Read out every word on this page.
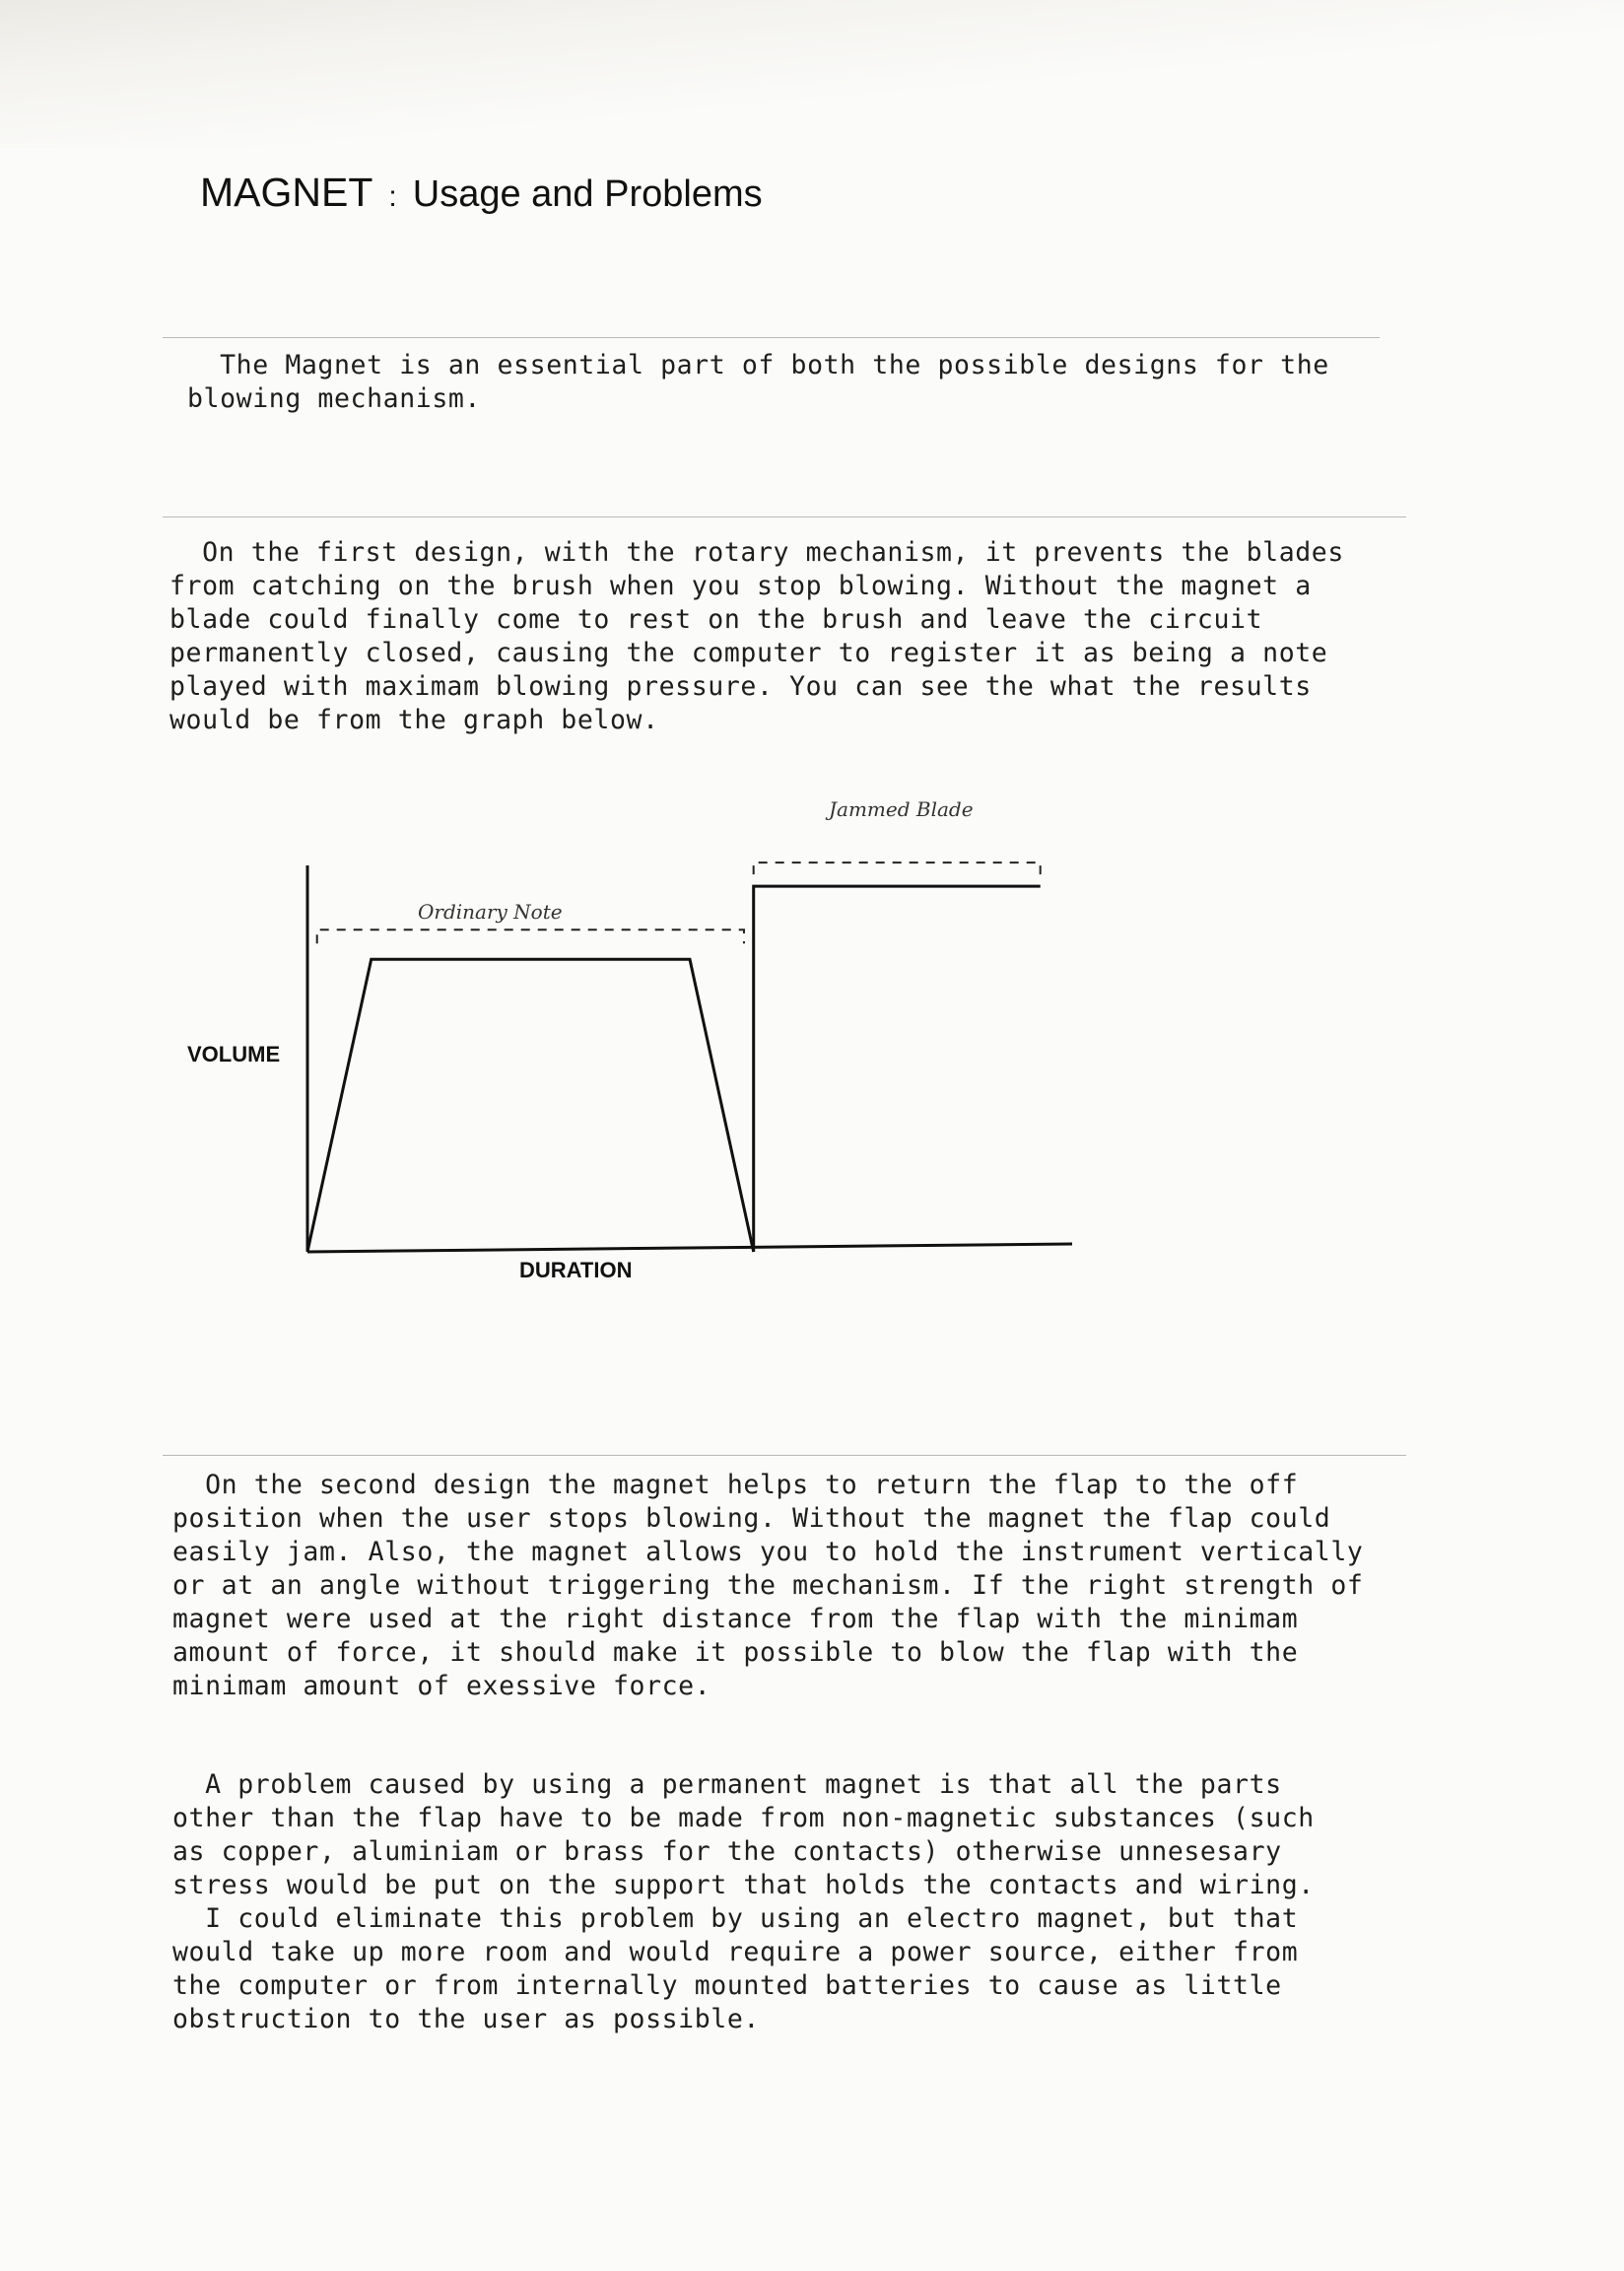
MAGNET : Usage and Problems
The Magnet is an essential part of both the possible designs for the
blowing mechanism.
On the first design, with the rotary mechanism, it prevents the blades
from catching on the brush when you stop blowing. Without the magnet a
blade could finally come to rest on the brush and leave the circuit
permanently closed, causing the computer to register it as being a note
played with maximam blowing pressure. You can see the what the results
would be from the graph below.
Jammed Blade
Ordinary Note
VOLUME
DURATION
On the second design the magnet helps to return the flap to the off
position when the user stops blowing. Without the magnet the flap could
easily jam. Also, the magnet allows you to hold the instrument vertically
or at an angle without triggering the mechanism. If the right strength of
magnet were used at the right distance from the flap with the minimam
amount of force, it should make it possible to blow the flap with the
minimam amount of exessive force.
A problem caused by using a permanent magnet is that all the parts
other than the flap have to be made from non-magnetic substances (such
as copper, aluminiam or brass for the contacts) otherwise unnesesary
stress would be put on the support that holds the contacts and wiring.
I could eliminate this problem by using an electro magnet, but that
would take up more room and would require a power source, either from
the computer or from internally mounted batteries to cause as little
obstruction to the user as possible.
